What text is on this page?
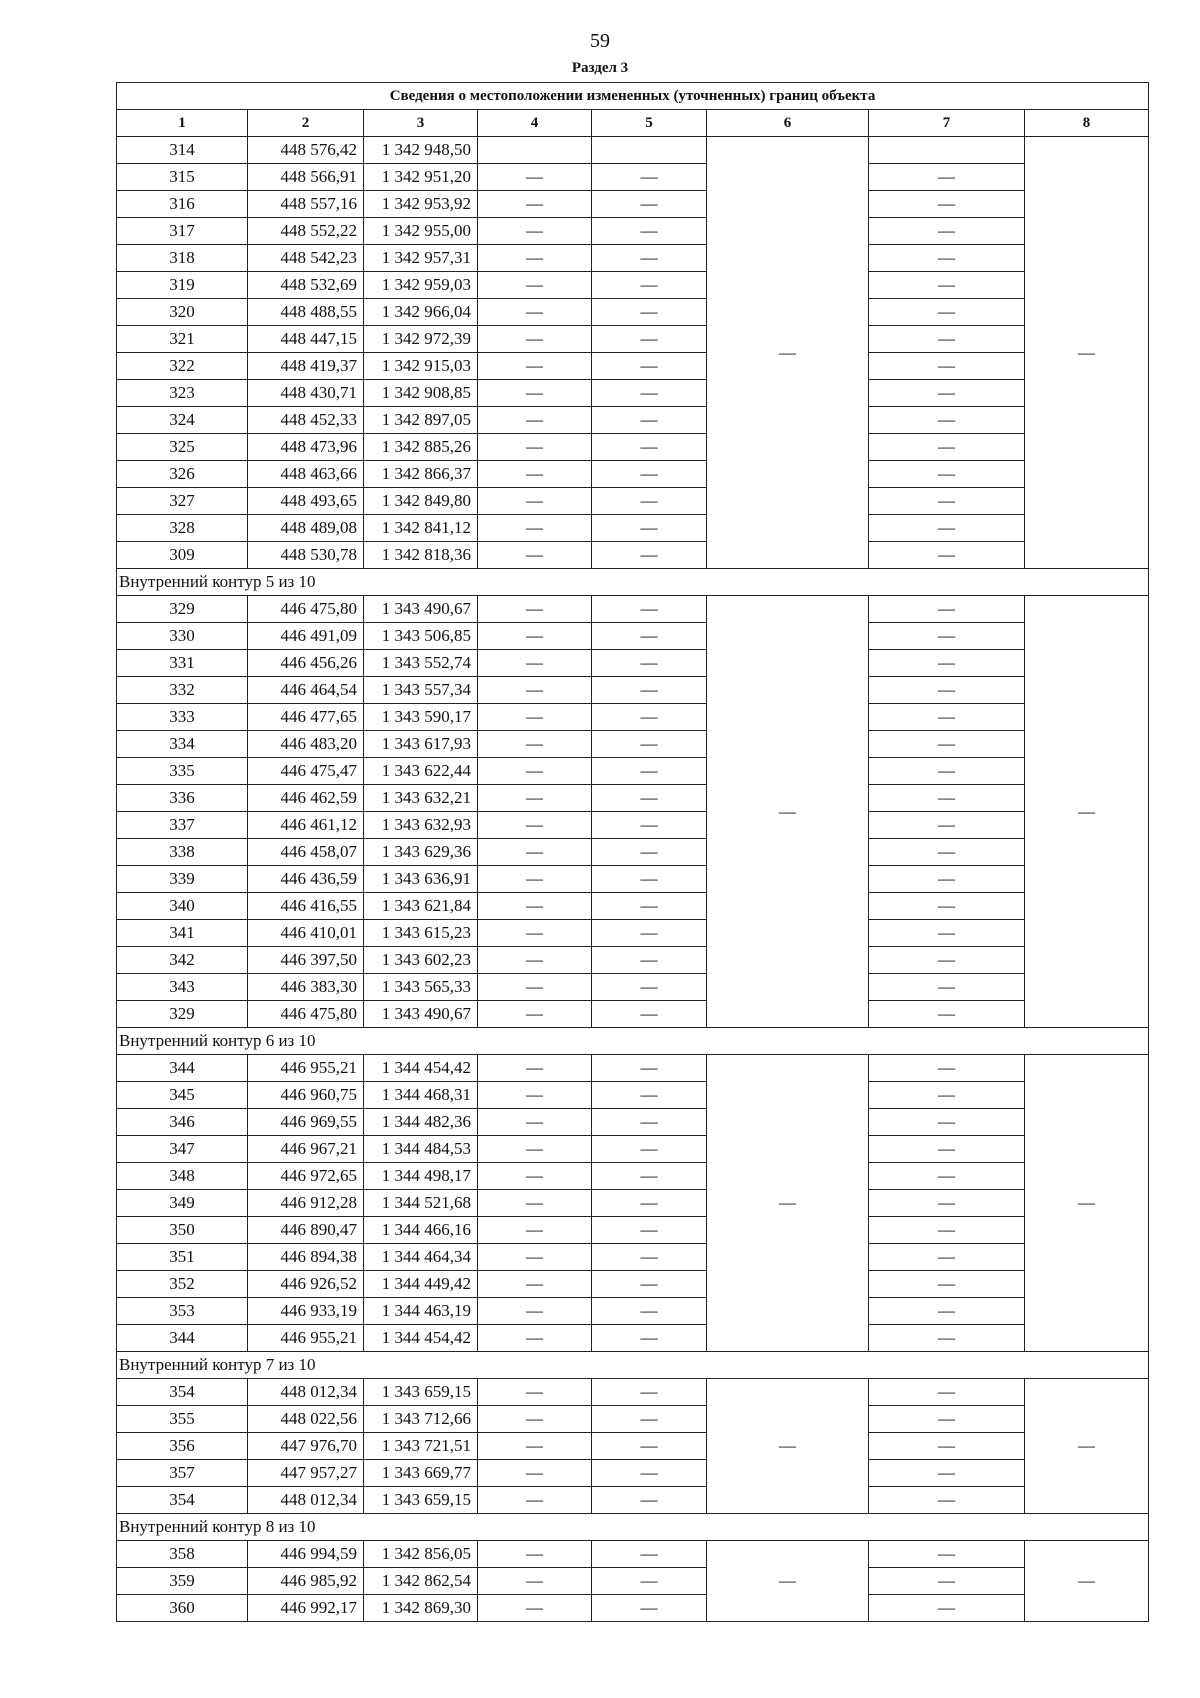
59
Раздел 3
Сведения о местоположении измененных (уточненных) границ объекта							
1	2	3	4	5	6	7	8
314	448 576,42	1 342 948,50			—		—
315	448 566,91	1 342 951,20	—	—		—	
316	448 557,16	1 342 953,92	—	—		—	
317	448 552,22	1 342 955,00	—	—		—	
318	448 542,23	1 342 957,31	—	—		—	
319	448 532,69	1 342 959,03	—	—		—	
320	448 488,55	1 342 966,04	—	—		—	
321	448 447,15	1 342 972,39	—	—		—	
322	448 419,37	1 342 915,03	—	—		—	
323	448 430,71	1 342 908,85	—	—		—	
324	448 452,33	1 342 897,05	—	—		—	
325	448 473,96	1 342 885,26	—	—		—	
326	448 463,66	1 342 866,37	—	—		—	
327	448 493,65	1 342 849,80	—	—		—	
328	448 489,08	1 342 841,12	—	—		—	
309	448 530,78	1 342 818,36	—	—		—	
Внутренний контур 5 из 10							
329	446 475,80	1 343 490,67	—	—	—	—	—
330	446 491,09	1 343 506,85	—	—		—	
331	446 456,26	1 343 552,74	—	—		—	
332	446 464,54	1 343 557,34	—	—		—	
333	446 477,65	1 343 590,17	—	—		—	
334	446 483,20	1 343 617,93	—	—		—	
335	446 475,47	1 343 622,44	—	—		—	
336	446 462,59	1 343 632,21	—	—		—	
337	446 461,12	1 343 632,93	—	—		—	
338	446 458,07	1 343 629,36	—	—		—	
339	446 436,59	1 343 636,91	—	—		—	
340	446 416,55	1 343 621,84	—	—		—	
341	446 410,01	1 343 615,23	—	—		—	
342	446 397,50	1 343 602,23	—	—		—	
343	446 383,30	1 343 565,33	—	—		—	
329	446 475,80	1 343 490,67	—	—		—	
Внутренний контур 6 из 10							
344	446 955,21	1 344 454,42	—	—	—	—	—
345	446 960,75	1 344 468,31	—	—		—	
346	446 969,55	1 344 482,36	—	—		—	
347	446 967,21	1 344 484,53	—	—		—	
348	446 972,65	1 344 498,17	—	—		—	
349	446 912,28	1 344 521,68	—	—		—	
350	446 890,47	1 344 466,16	—	—		—	
351	446 894,38	1 344 464,34	—	—		—	
352	446 926,52	1 344 449,42	—	—		—	
353	446 933,19	1 344 463,19	—	—		—	
344	446 955,21	1 344 454,42	—	—		—	
Внутренний контур 7 из 10							
354	448 012,34	1 343 659,15	—	—	—	—	—
355	448 022,56	1 343 712,66	—	—		—	
356	447 976,70	1 343 721,51	—	—		—	
357	447 957,27	1 343 669,77	—	—		—	
354	448 012,34	1 343 659,15	—	—		—	
Внутренний контур 8 из 10							
358	446 994,59	1 342 856,05	—	—	—	—	—
359	446 985,92	1 342 862,54	—	—		—	
360	446 992,17	1 342 869,30	—	—		—	
